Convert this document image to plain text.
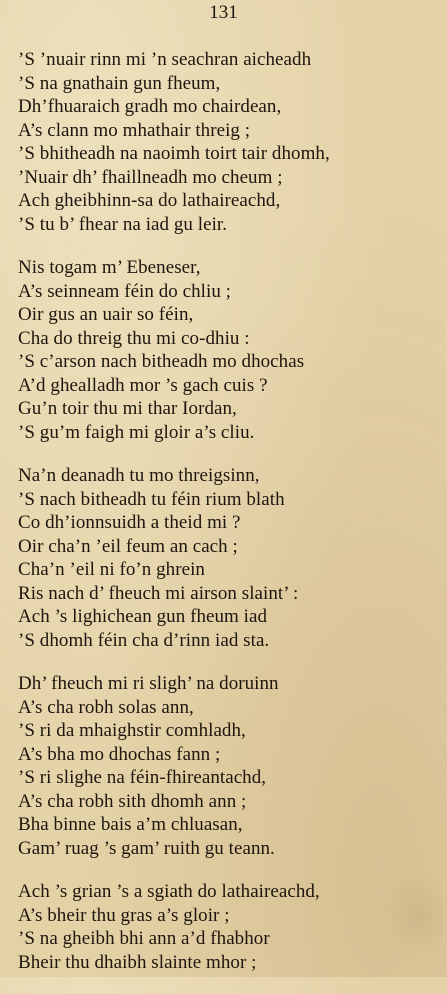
131
’S ’nuair rinn mi ’n seachran aicheadh
’S na gnathain gun fheum,
Dh’fhuaraich gradh mo chairdean,
A’s clann mo mhathair threig ;
’S bhitheadh na naoimh toirt tair dhomh,
’Nuair dh’ fhaillneadh mo cheum ;
Ach gheibhinn-sa do lathaireachd,
’S tu b’ fhear na iad gu leir.
Nis togam m’ Ebeneser,
A’s seinneam féin do chliu ;
Oir gus an uair so féin,
Cha do threig thu mi co-dhiu :
’S c’arson nach bitheadh mo dhochas
A’d ghealladh mor ’s gach cuis ?
Gu’n toir thu mi thar Iordan,
’S gu’m faigh mi gloir a’s cliu.
Na’n deanadh tu mo threigsinn,
’S nach bitheadh tu féin rium blath
Co dh’ionnsuidh a theid mi ?
Oir cha’n ’eil feum an cach ;
Cha’n ’eil ni fo’n ghrein
Ris nach d’ fheuch mi airson slaint’ :
Ach ’s lighichean gun fheum iad
’S dhomh féin cha d’rinn iad sta.
Dh’ fheuch mi ri sligh’ na doruinn
A’s cha robh solas ann,
’S ri da mhaighstir comhladh,
A’s bha mo dhochas fann ;
’S ri slighe na féin-fhireantachd,
A’s cha robh sith dhomh ann ;
Bha binne bais a’m chluasan,
Gam’ ruag ’s gam’ ruith gu teann.
Ach ’s grian ’s a sgiath do lathaireachd,
A’s bheir thu gras a’s gloir ;
’S na gheibh bhi ann a’d fhabhor
Bheir thu dhaibh slainte mhor ;
